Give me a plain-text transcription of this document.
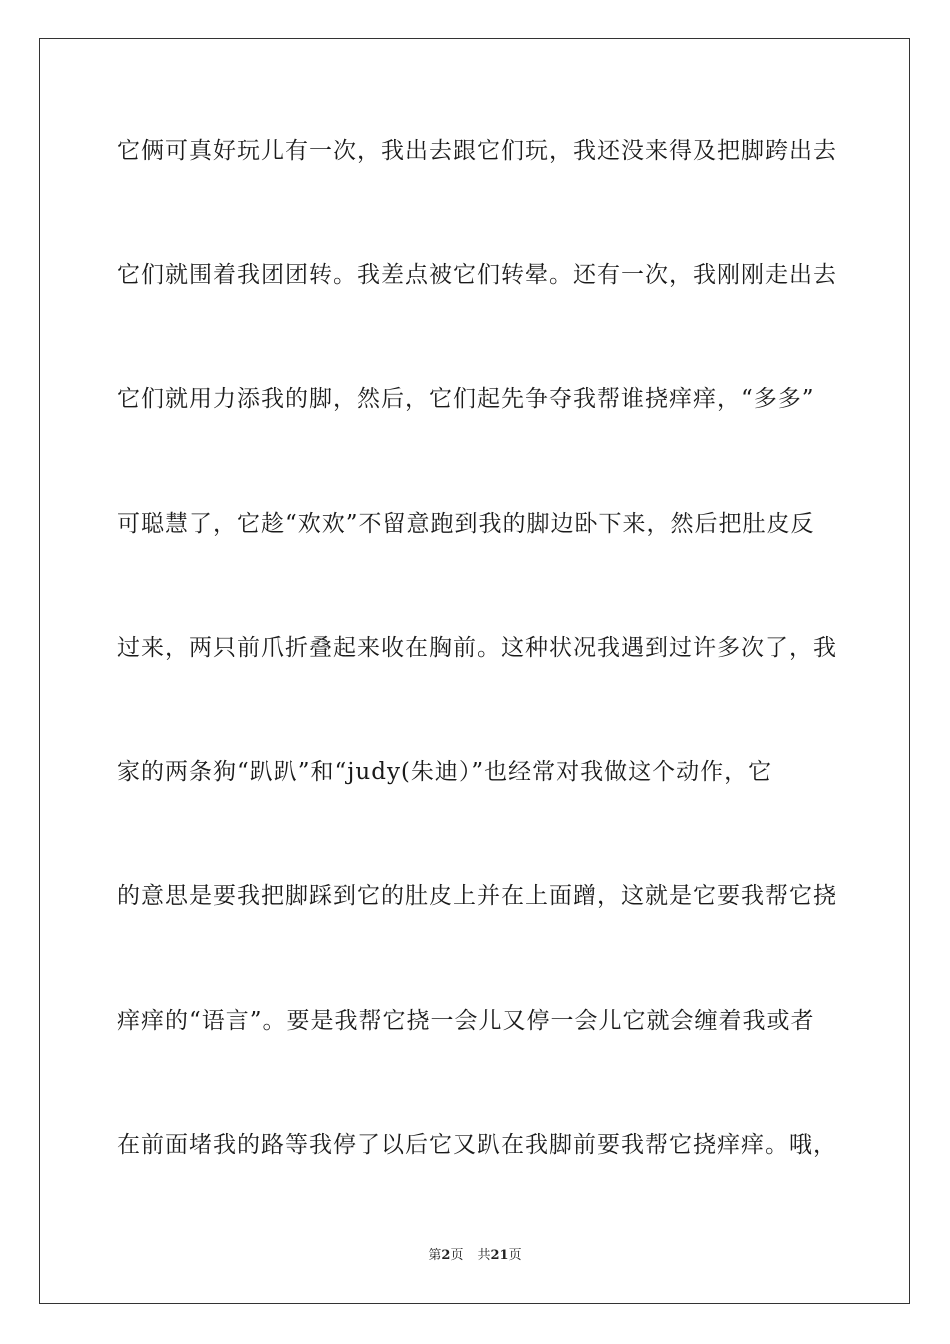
它俩可真好玩儿有一次，我出去跟它们玩，我还没来得及把脚跨出去
它们就围着我团团转。我差点被它们转晕。还有一次，我刚刚走出去
它们就用力添我的脚，然后，它们起先争夺我帮谁挠痒痒，“多多”
可聪慧了，它趁“欢欢”不留意跑到我的脚边卧下来，然后把肚皮反
过来，两只前爪折叠起来收在胸前。这种状况我遇到过许多次了，我
家的两条狗“趴趴”和“judy(朱迪）”也经常对我做这个动作，它
的意思是要我把脚踩到它的肚皮上并在上面蹭，这就是它要我帮它挠
痒痒的“语言”。要是我帮它挠一会儿又停一会儿它就会缠着我或者
在前面堵我的路等我停了以后它又趴在我脚前要我帮它挠痒痒。哦，
第2页 共21页
